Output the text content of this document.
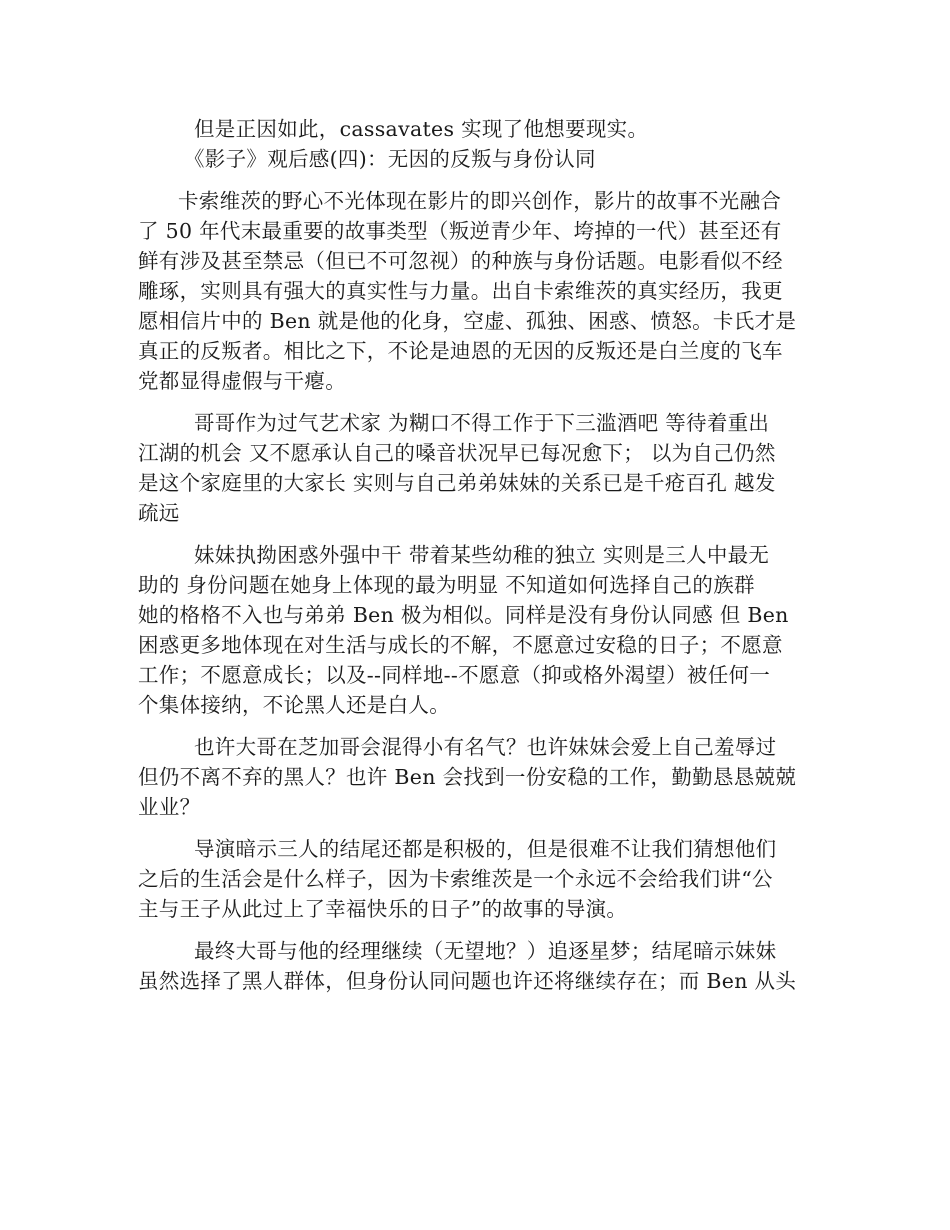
但是正因如此，cassavates 实现了他想要现实。
《影子》观后感(四)：无因的反叛与身份认同
卡索维茨的野心不光体现在影片的即兴创作，影片的故事不光融合
了 50 年代末最重要的故事类型（叛逆青少年、垮掉的一代）甚至还有
鲜有涉及甚至禁忌（但已不可忽视）的种族与身份话题。电影看似不经
雕琢，实则具有强大的真实性与力量。出自卡索维茨的真实经历，我更
愿相信片中的 Ben 就是他的化身，空虚、孤独、困惑、愤怒。卡氏才是
真正的反叛者。相比之下，不论是迪恩的无因的反叛还是白兰度的飞车
党都显得虚假与干瘪。
哥哥作为过气艺术家 为糊口不得工作于下三滥酒吧 等待着重出
江湖的机会 又不愿承认自己的嗓音状况早已每况愈下； 以为自己仍然
是这个家庭里的大家长 实则与自己弟弟妹妹的关系已是千疮百孔 越发
疏远
妹妹执拗困惑外强中干 带着某些幼稚的独立 实则是三人中最无
助的 身份问题在她身上体现的最为明显 不知道如何选择自己的族群
她的格格不入也与弟弟 Ben 极为相似。同样是没有身份认同感 但 Ben
困惑更多地体现在对生活与成长的不解，不愿意过安稳的日子；不愿意
工作；不愿意成长；以及--同样地--不愿意（抑或格外渴望）被任何一
个集体接纳，不论黑人还是白人。
也许大哥在芝加哥会混得小有名气？也许妹妹会爱上自己羞辱过
但仍不离不弃的黑人？也许 Ben 会找到一份安稳的工作，勤勤恳恳兢兢
业业？
导演暗示三人的结尾还都是积极的，但是很难不让我们猜想他们
之后的生活会是什么样子，因为卡索维茨是一个永远不会给我们讲“公
主与王子从此过上了幸福快乐的日子”的故事的导演。
最终大哥与他的经理继续（无望地？）追逐星梦；结尾暗示妹妹
虽然选择了黑人群体，但身份认同问题也许还将继续存在；而 Ben 从头
